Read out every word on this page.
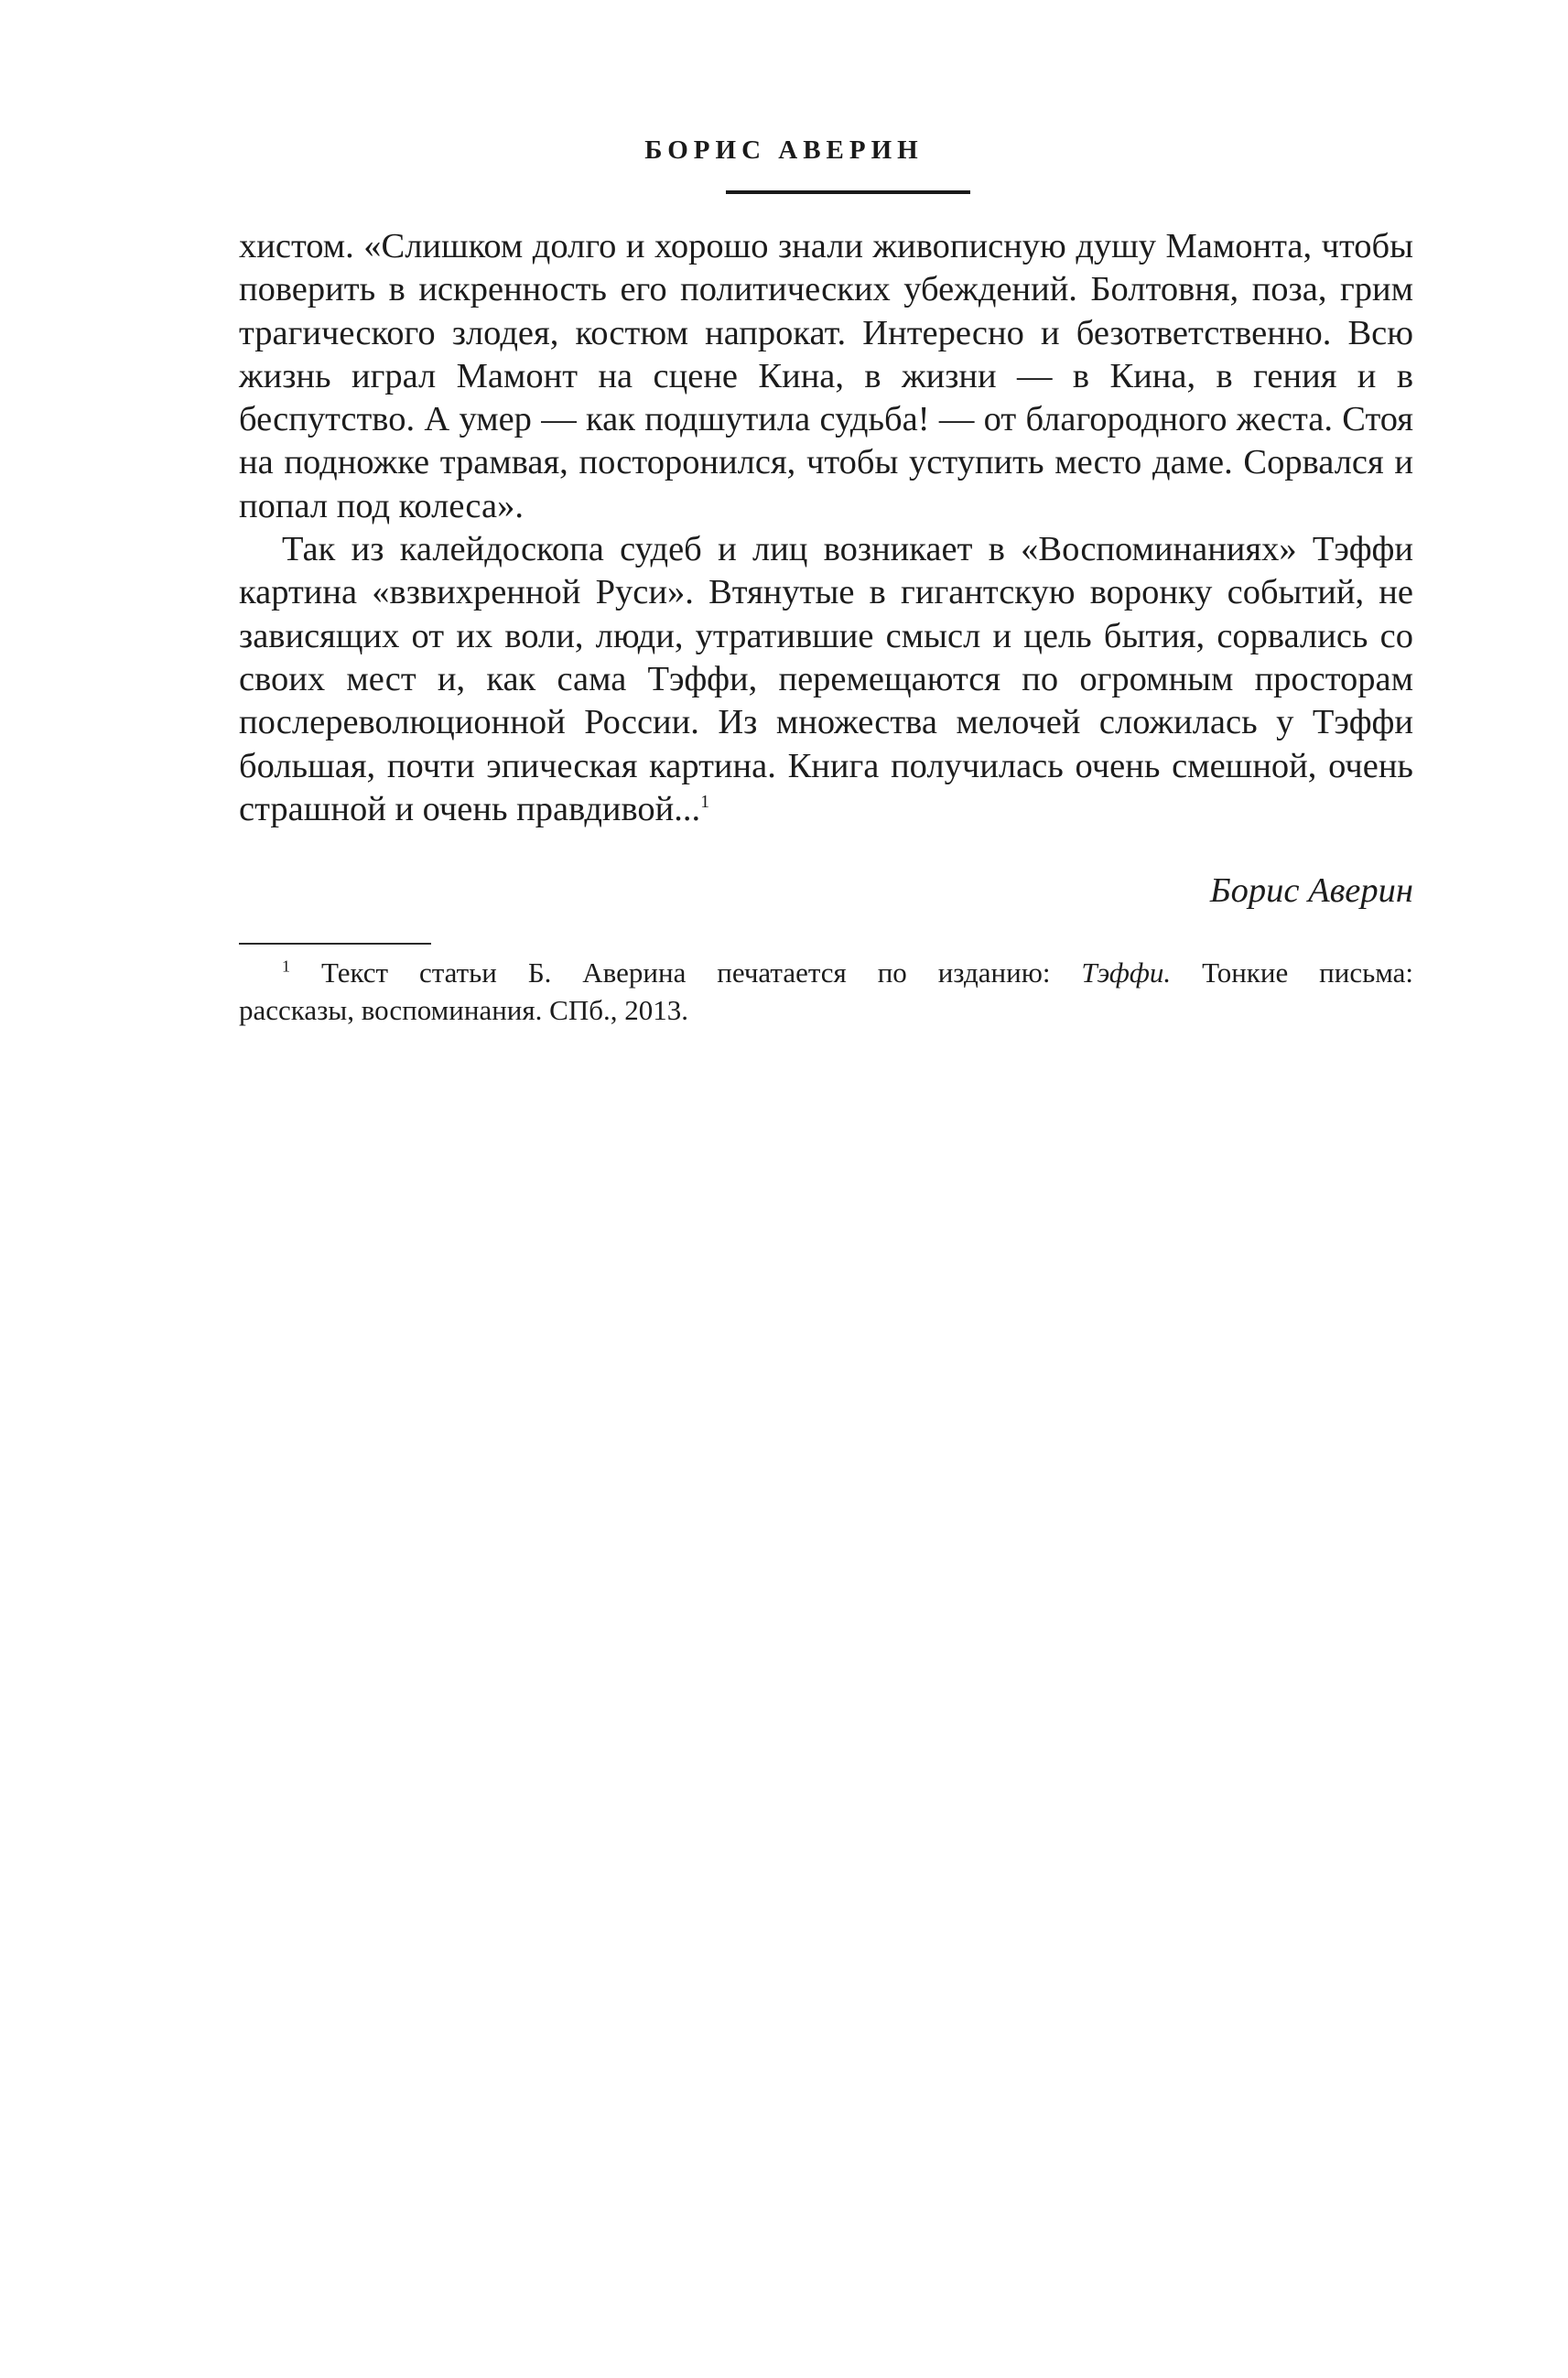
БОРИС АВЕРИН

хистом. «Слишком долго и хорошо знали живописную душу Мамонта, чтобы поверить в искренность его политических убеждений. Болтовня, поза, грим трагического злодея, костюм напрокат. Интересно и безответственно. Всю жизнь играл Мамонт на сцене Кина, в жизни — в Кина, в гения и в беспутство. А умер — как подшутила судьба! — от благородного жеста. Стоя на подножке трамвая, посторонился, чтобы уступить место даме. Сорвался и попал под колеса».

Так из калейдоскопа судеб и лиц возникает в «Воспоминаниях» Тэффи картина «взвихренной Руси». Втянутые в гигантскую воронку событий, не зависящих от их воли, люди, утратившие смысл и цель бытия, сорвались со своих мест и, как сама Тэффи, перемещаются по огромным просторам послереволюционной России. Из множества мелочей сложилась у Тэффи большая, почти эпическая картина. Книга получилась очень смешной, очень страшной и очень правдивой...$^1$

Борис Аверин
$^1$ Текст статьи Б. Аверина печатается по изданию: Тэффи. Тонкие письма:
рассказы, воспоминания. СПб., 2013.
